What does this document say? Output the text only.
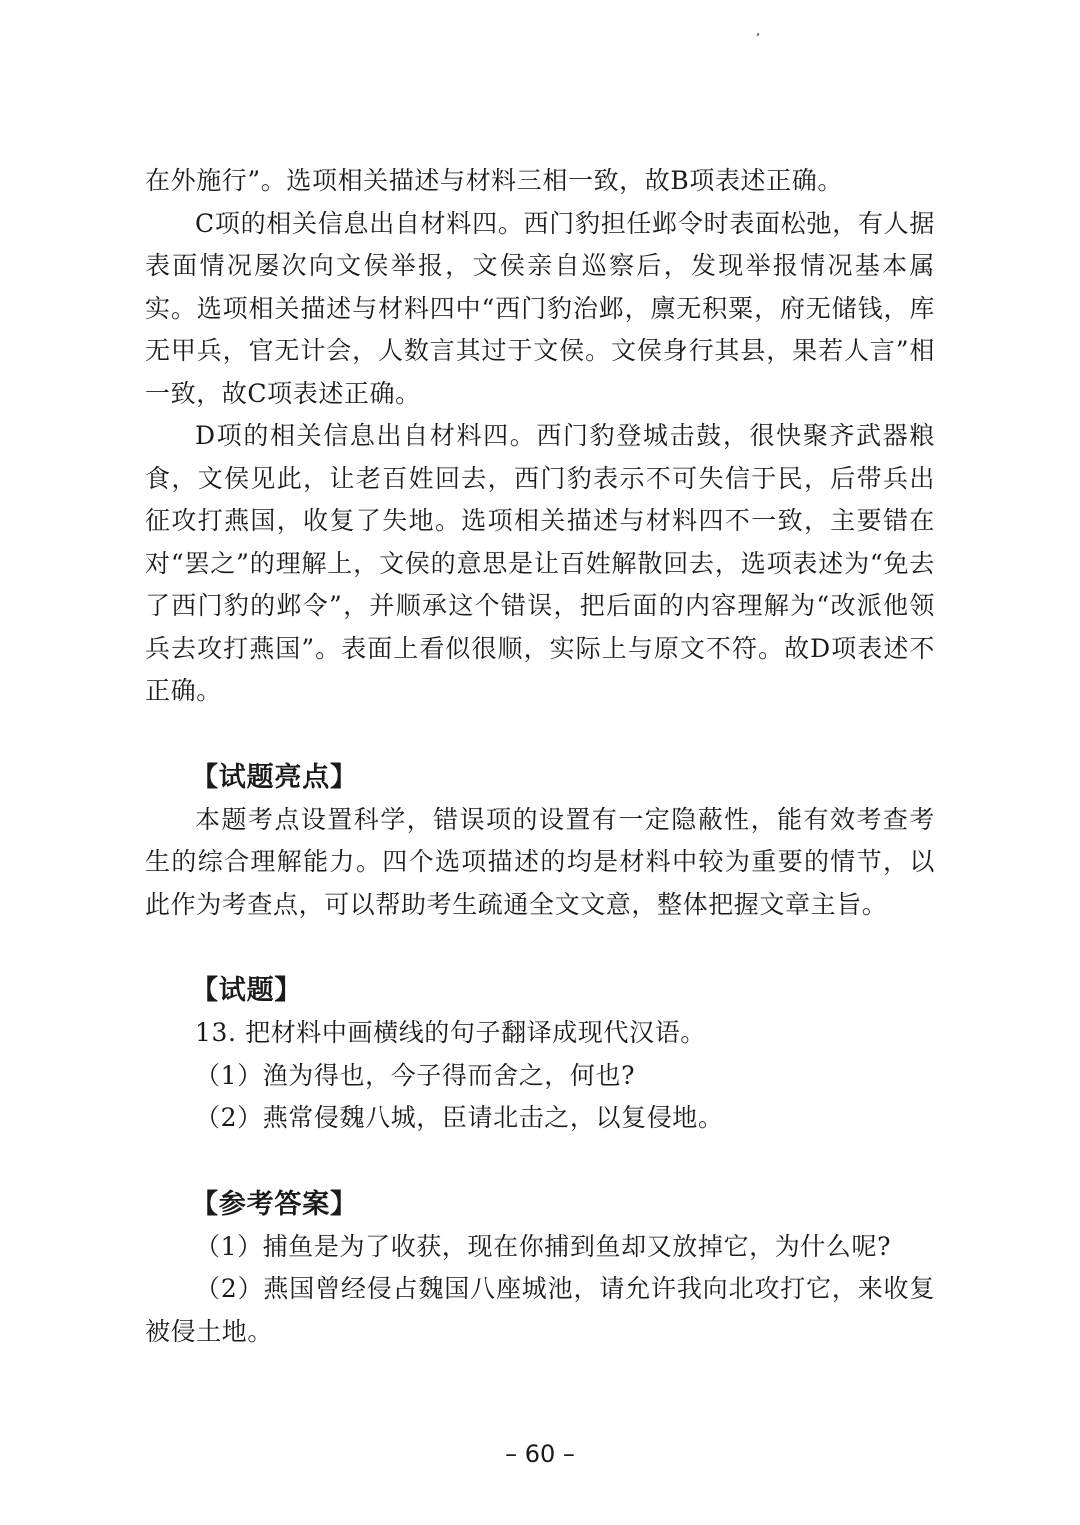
在外施行”。选项相关描述与材料三相一致，故B项表述正确。

C项的相关信息出自材料四。西门豹担任邺令时表面松弛，有人据表面情况屡次向文侯举报，文侯亲自巡察后，发现举报情况基本属实。选项相关描述与材料四中“西门豹治邺，廪无积粟，府无储钱，库无甲兵，官无计会，人数言其过于文侯。文侯身行其县，果若人言”相一致，故C项表述正确。

D项的相关信息出自材料四。西门豹登城击鼓，很快聚齐武器粮食，文侯见此，让老百姓回去，西门豹表示不可失信于民，后带兵出征攻打燕国，收复了失地。选项相关描述与材料四不一致，主要错在对“罢之”的理解上，文侯的意思是让百姓解散回去，选项表述为“免去了西门豹的邺令”，并顺承这个错误，把后面的内容理解为“改派他领兵去攻打燕国”。表面上看似很顺，实际上与原文不符。故D项表述不正确。

【试题亮点】

本题考点设置科学，错误项的设置有一定隐蔽性，能有效考查考生的综合理解能力。四个选项描述的均是材料中较为重要的情节，以此作为考查点，可以帮助考生疏通全文文意，整体把握文章主旨。

【试题】

13. 把材料中画横线的句子翻译成现代汉语。

（1）渔为得也，今子得而舍之，何也?

（2）燕常侵魏八城，臣请北击之，以复侵地。

【参考答案】

（1）捕鱼是为了收获，现在你捕到鱼却又放掉它，为什么呢?

（2）燕国曾经侵占魏国八座城池，请允许我向北攻打它，来收复被侵土地。

– 60 –
